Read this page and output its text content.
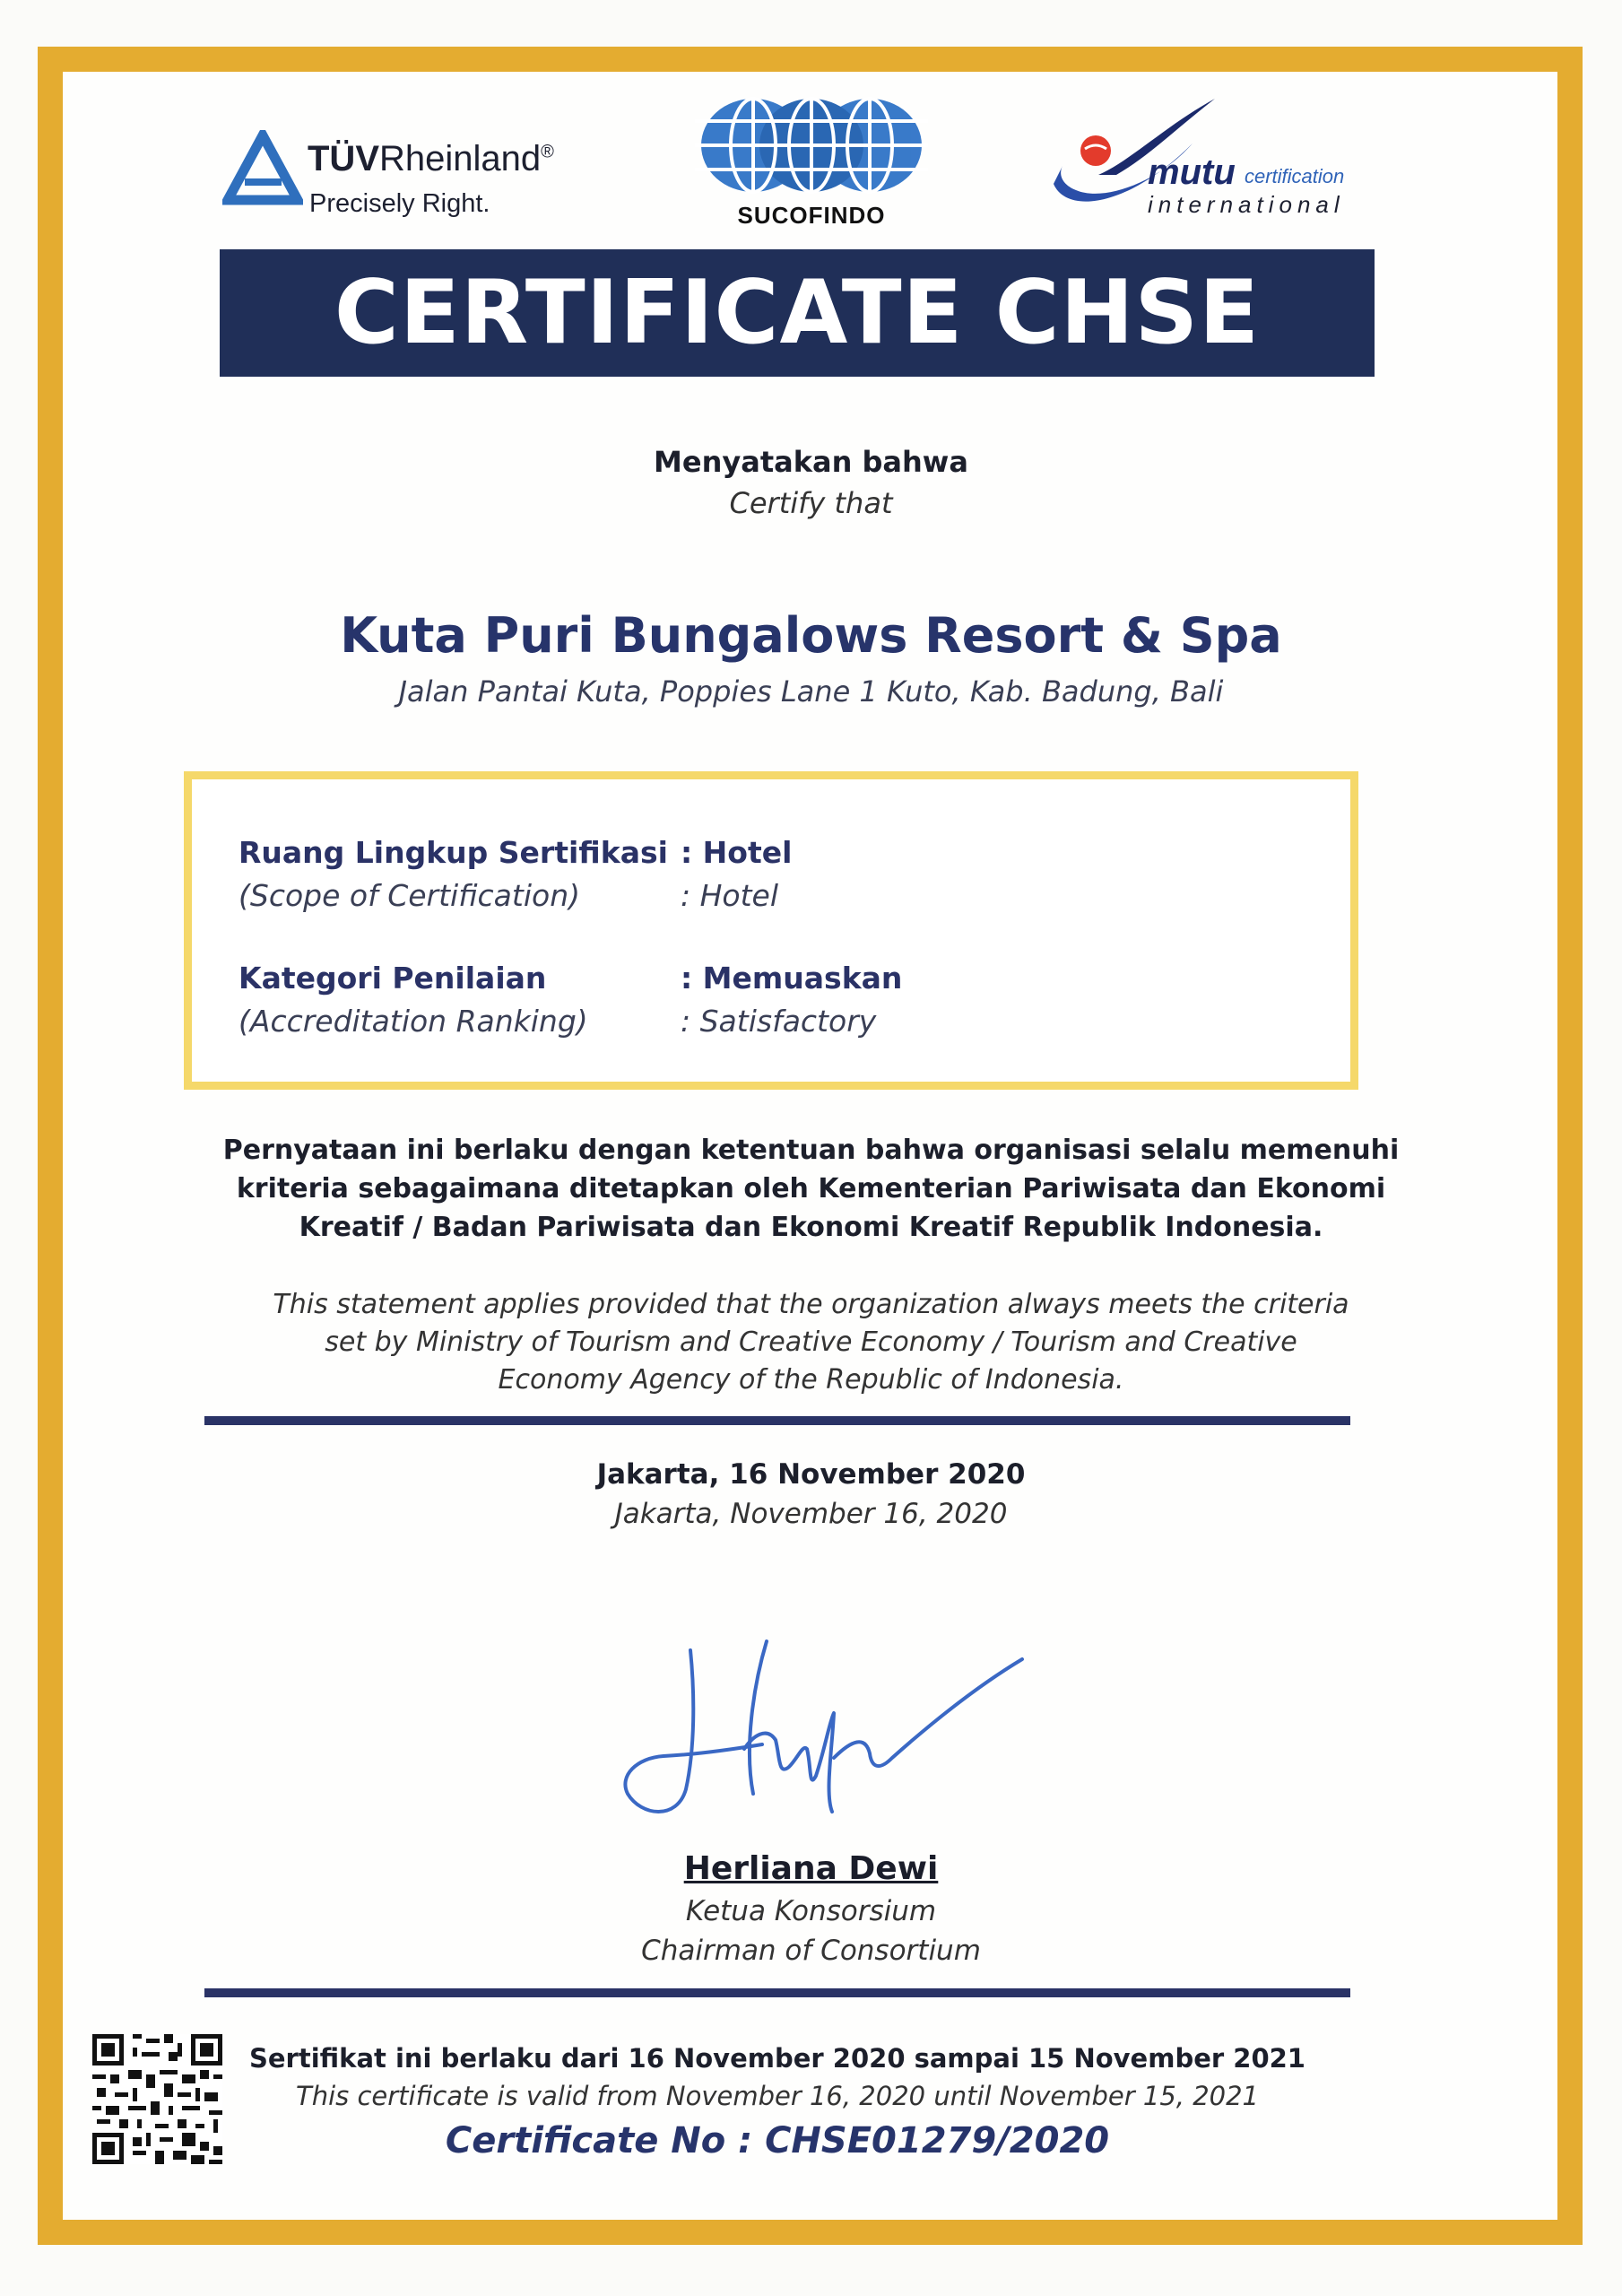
TÜVRheinland®
Precisely Right.	SUCOFINDO
mutu certification
international
CERTIFICATE CHSE
Menyatakan bahwa
Certify that
Kuta Puri Bungalows Resort & Spa
Jalan Pantai Kuta, Poppies Lane 1 Kuto, Kab. Badung, Bali
Ruang Lingkup Sertifikasi
(Scope of Certification)
: Hotel
: Hotel
Kategori Penilaian
(Accreditation Ranking)
: Memuaskan
: Satisfactory
Pernyataan ini berlaku dengan ketentuan bahwa organisasi selalu memenuhi
kriteria sebagaimana ditetapkan oleh Kementerian Pariwisata dan Ekonomi
Kreatif / Badan Pariwisata dan Ekonomi Kreatif Republik Indonesia.
This statement applies provided that the organization always meets the criteria
set by Ministry of Tourism and Creative Economy / Tourism and Creative
Economy Agency of the Republic of Indonesia.
Jakarta, 16 November 2020
Jakarta, November 16, 2020
Herliana Dewi
Ketua Konsorsium
Chairman of Consortium
Sertifikat ini berlaku dari 16 November 2020 sampai 15 November 2021
This certificate is valid from November 16, 2020 until November 15, 2021
Certificate No : CHSE01279/2020
